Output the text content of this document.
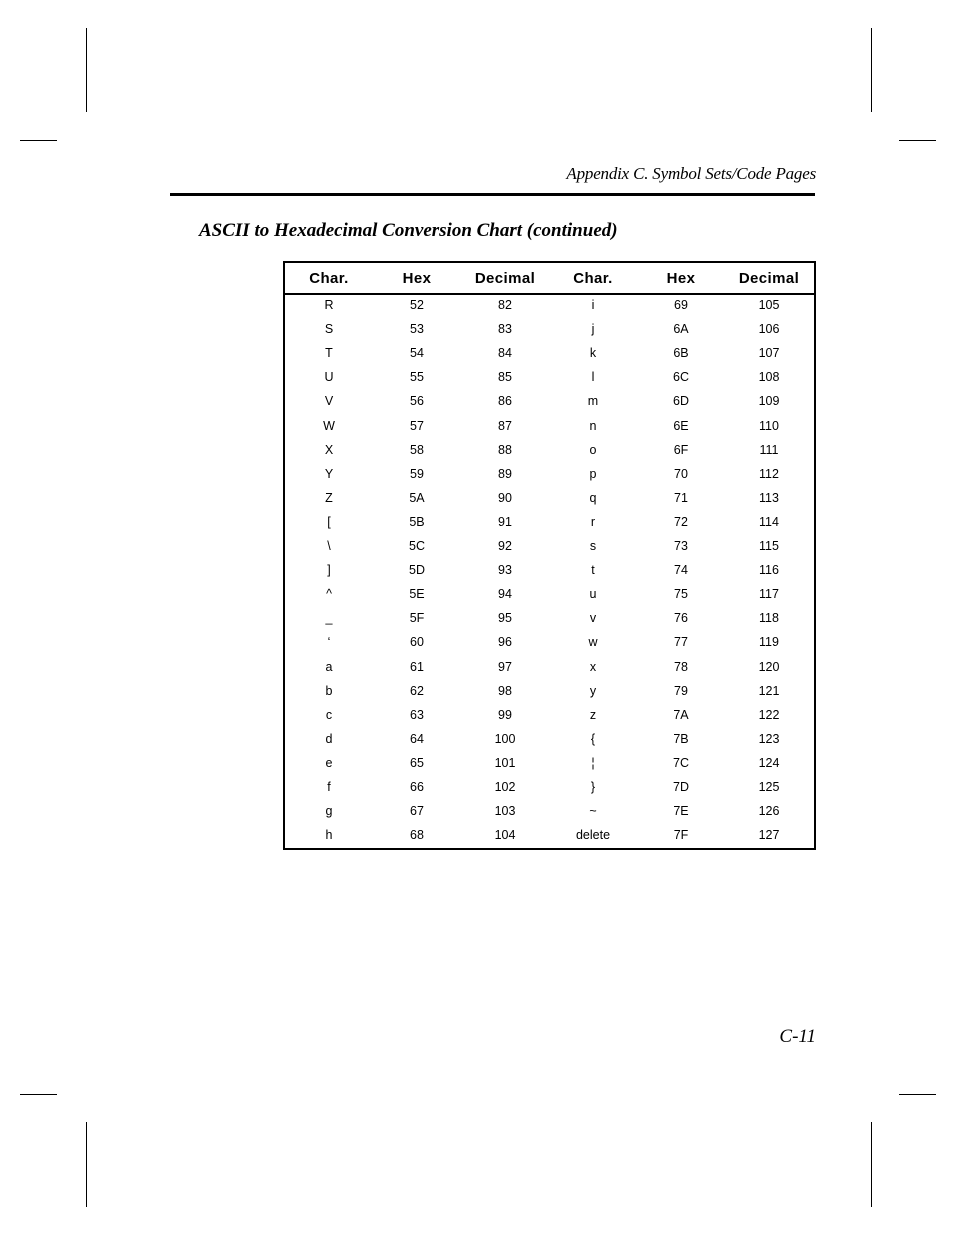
Appendix C. Symbol Sets/Code Pages
ASCII to Hexadecimal Conversion Chart (continued)
Char.	Hex	Decimal	Char.	Hex	Decimal
R	52	82	i	69	105
S	53	83	j	6A	106
T	54	84	k	6B	107
U	55	85	l	6C	108
V	56	86	m	6D	109
W	57	87	n	6E	110
X	58	88	o	6F	111
Y	59	89	p	70	112
Z	5A	90	q	71	113
[	5B	91	r	72	114
\	5C	92	s	73	115
]	5D	93	t	74	116
^	5E	94	u	75	117
_	5F	95	v	76	118
‘	60	96	w	77	119
a	61	97	x	78	120
b	62	98	y	79	121
c	63	99	z	7A	122
d	64	100	{	7B	123
e	65	101	¦	7C	124
f	66	102	}	7D	125
g	67	103	~	7E	126
h	68	104	delete	7F	127
C-11
